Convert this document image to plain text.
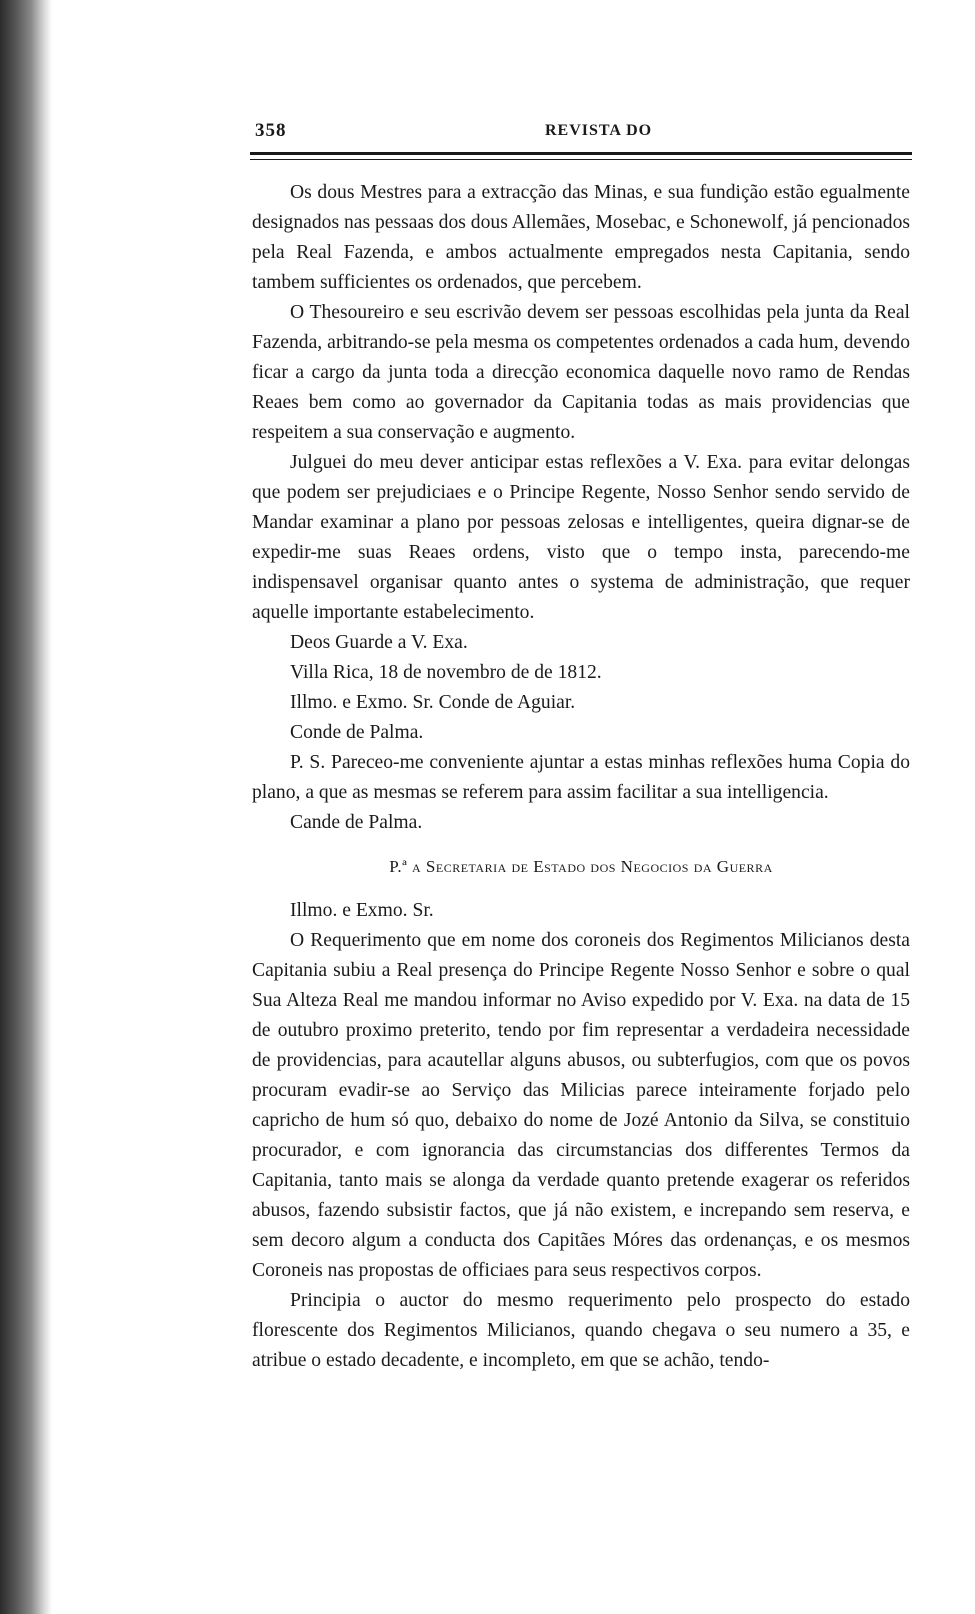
358	REVISTA DO

Os dous Mestres para a extracção das Minas, e sua fundição estão egualmente designados nas pessaas dos dous Allemães, Mosebac, e Schonewolf, já pencionados pela Real Fazenda, e ambos actualmente empregados nesta Capitania, sendo tambem sufficientes os ordenados, que percebem.

O Thesoureiro e seu escrivão devem ser pessoas escolhidas pela junta da Real Fazenda, arbitrando-se pela mesma os competentes ordenados a cada hum, devendo ficar a cargo da junta toda a direcção economica daquelle novo ramo de Rendas Reaes bem como ao governador da Capitania todas as mais providencias que respeitem a sua conservação e augmento.

Julguei do meu dever anticipar estas reflexões a V. Exa. para evitar delongas que podem ser prejudiciaes e o Principe Regente, Nosso Senhor sendo servido de Mandar examinar a plano por pessoas zelosas e intelligentes, queira dignar-se de expedir-me suas Reaes ordens, visto que o tempo insta, parecendo-me indispensavel organisar quanto antes o systema de administração, que requer aquelle importante estabelecimento.

Deos Guarde a V. Exa.

Villa Rica, 18 de novembro de de 1812.

Illmo. e Exmo. Sr. Conde de Aguiar.

Conde de Palma.

P. S. Pareceo-me conveniente ajuntar a estas minhas reflexões huma Copia do plano, a que as mesmas se referem para assim facilitar a sua intelligencia.

Cande de Palma.

P.ª a Secretaria de Estado dos Negocios da Guerra

Illmo. e Exmo. Sr.

O Requerimento que em nome dos coroneis dos Regimentos Milicianos desta Capitania subiu a Real presença do Principe Regente Nosso Senhor e sobre o qual Sua Alteza Real me mandou informar no Aviso expedido por V. Exa. na data de 15 de outubro proximo preterito, tendo por fim representar a verdadeira necessidade de providencias, para acautellar alguns abusos, ou subterfugios, com que os povos procuram evadir-se ao Serviço das Milicias parece inteiramente forjado pelo capricho de hum só quo, debaixo do nome de Jozé Antonio da Silva, se constituio procurador, e com ignorancia das circumstancias dos differentes Termos da Capitania, tanto mais se alonga da verdade quanto pretende exagerar os referidos abusos, fazendo subsistir factos, que já não existem, e increpando sem reserva, e sem decoro algum a conducta dos Capitães Móres das ordenanças, e os mesmos Coroneis nas propostas de officiaes para seus respectivos corpos.

Principia o auctor do mesmo requerimento pelo prospecto do estado florescente dos Regimentos Milicianos, quando chegava o seu numero a 35, e atribue o estado decadente, e incompleto, em que se achão, tendo-
